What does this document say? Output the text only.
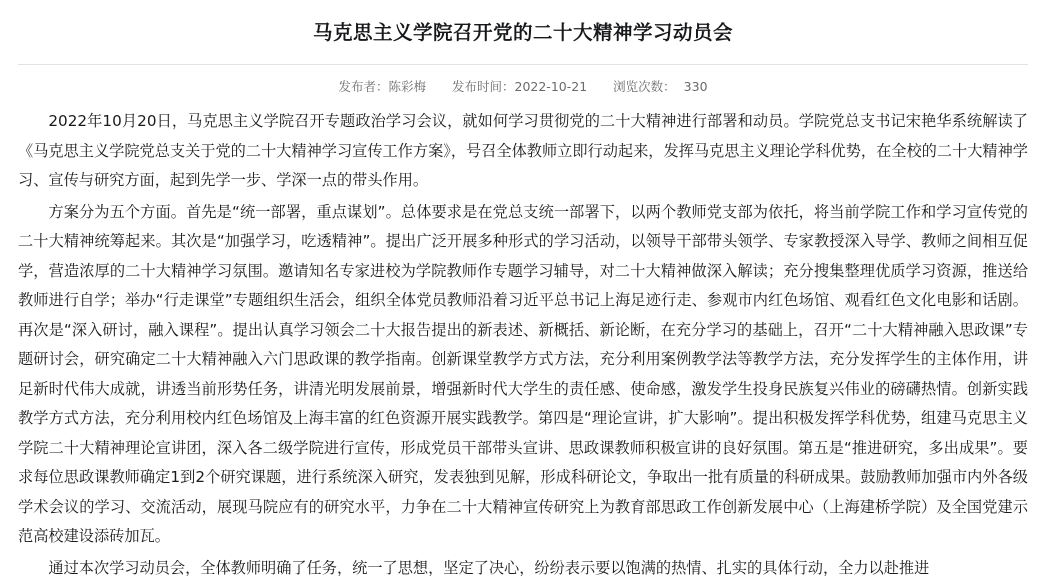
马克思主义学院召开党的二十大精神学习动员会
发布者：陈彩梅 发布时间：2022-10-21 浏览次数： 330

2022年10月20日，马克思主义学院召开专题政治学习会议，就如何学习贯彻党的二十大精神进行部署和动员。学院党总支书记宋艳华系统解读了《马克思主义学院党总支关于党的二十大精神学习宣传工作方案》，号召全体教师立即行动起来，发挥马克思主义理论学科优势，在全校的二十大精神学习、宣传与研究方面，起到先学一步、学深一点的带头作用。

方案分为五个方面。首先是“统一部署，重点谋划”。总体要求是在党总支统一部署下，以两个教师党支部为依托，将当前学院工作和学习宣传党的二十大精神统筹起来。其次是“加强学习，吃透精神”。提出广泛开展多种形式的学习活动，以领导干部带头领学、专家教授深入导学、教师之间相互促学，营造浓厚的二十大精神学习氛围。邀请知名专家进校为学院教师作专题学习辅导，对二十大精神做深入解读；充分搜集整理优质学习资源，推送给教师进行自学；举办“行走课堂”专题组织生活会，组织全体党员教师沿着习近平总书记上海足迹行走、参观市内红色场馆、观看红色文化电影和话剧。再次是“深入研讨，融入课程”。提出认真学习领会二十大报告提出的新表述、新概括、新论断，在充分学习的基础上，召开“二十大精神融入思政课”专题研讨会，研究确定二十大精神融入六门思政课的教学指南。创新课堂教学方式方法，充分利用案例教学法等教学方法，充分发挥学生的主体作用，讲足新时代伟大成就，讲透当前形势任务，讲清光明发展前景，增强新时代大学生的责任感、使命感，激发学生投身民族复兴伟业的磅礴热情。创新实践教学方式方法，充分利用校内红色场馆及上海丰富的红色资源开展实践教学。第四是“理论宣讲，扩大影响”。提出积极发挥学科优势，组建马克思主义学院二十大精神理论宣讲团，深入各二级学院进行宣传，形成党员干部带头宣讲、思政课教师积极宣讲的良好氛围。第五是“推进研究，多出成果”。要求每位思政课教师确定1到2个研究课题，进行系统深入研究，发表独到见解，形成科研论文，争取出一批有质量的科研成果。鼓励教师加强市内外各级学术会议的学习、交流活动，展现马院应有的研究水平，力争在二十大精神宣传研究上为教育部思政工作创新发展中心（上海建桥学院）及全国党建示范高校建设添砖加瓦。

通过本次学习动员会，全体教师明确了任务，统一了思想，坚定了决心，纷纷表示要以饱满的热情、扎实的具体行动，全力以赴推进
